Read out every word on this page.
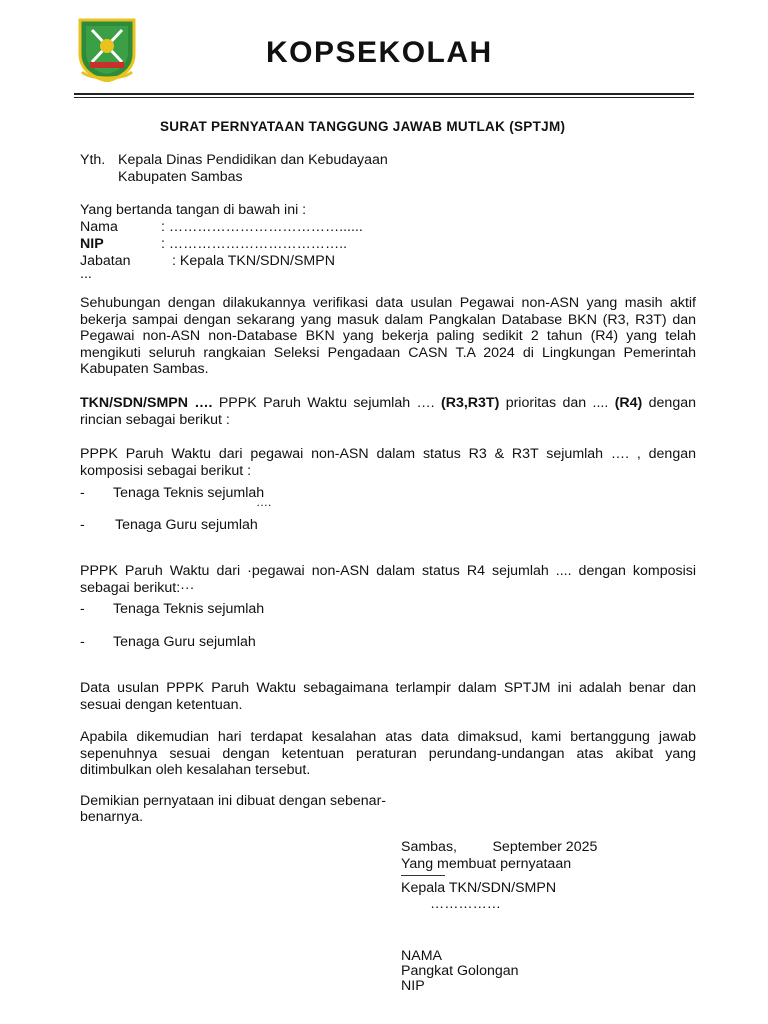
KOPSEKOLAH
SURAT PERNYATAAN TANGGUNG JAWAB MUTLAK (SPTJM)
Yth. Kepala Dinas Pendidikan dan Kebudayaan
Kabupaten Sambas
Yang bertanda tangan di bawah ini :
Nama	: ………………………………......
NIP	: ………………………………..
Jabatan	: Kepala TKN/SDN/SMPN
...
Sehubungan dengan dilakukannya verifikasi data usulan Pegawai non-ASN yang masih aktif bekerja sampai dengan sekarang yang masuk dalam Pangkalan Database BKN (R3, R3T) dan Pegawai non-ASN non-Database BKN yang bekerja paling sedikit 2 tahun (R4) yang telah mengikuti seluruh rangkaian Seleksi Pengadaan CASN T.A 2024 di Lingkungan Pemerintah Kabupaten Sambas.
TKN/SDN/SMPN …. PPPK Paruh Waktu sejumlah …. (R3,R3T) prioritas dan .... (R4) dengan rincian sebagai berikut :
PPPK Paruh Waktu dari pegawai non-ASN dalam status R3 & R3T sejumlah …. , dengan komposisi sebagai berikut :
- Tenaga Teknis sejumlah
….
- Tenaga Guru sejumlah
PPPK Paruh Waktu dari ·pegawai non-ASN dalam status R4 sejumlah .... dengan komposisi sebagai berikut:···
- Tenaga Teknis sejumlah
- Tenaga Guru sejumlah
Data usulan PPPK Paruh Waktu sebagaimana terlampir dalam SPTJM ini adalah benar dan sesuai dengan ketentuan.
Apabila dikemudian hari terdapat kesalahan atas data dimaksud, kami bertanggung jawab sepenuhnya sesuai dengan ketentuan peraturan perundang-undangan atas akibat yang ditimbulkan oleh kesalahan tersebut.
Demikian pernyataan ini dibuat dengan sebenar-
benarnya.
Sambas,         September 2025
Yang membuat pernyataan
Kepala TKN/SDN/SMPN
……………
NAMA
Pangkat Golongan
NIP
